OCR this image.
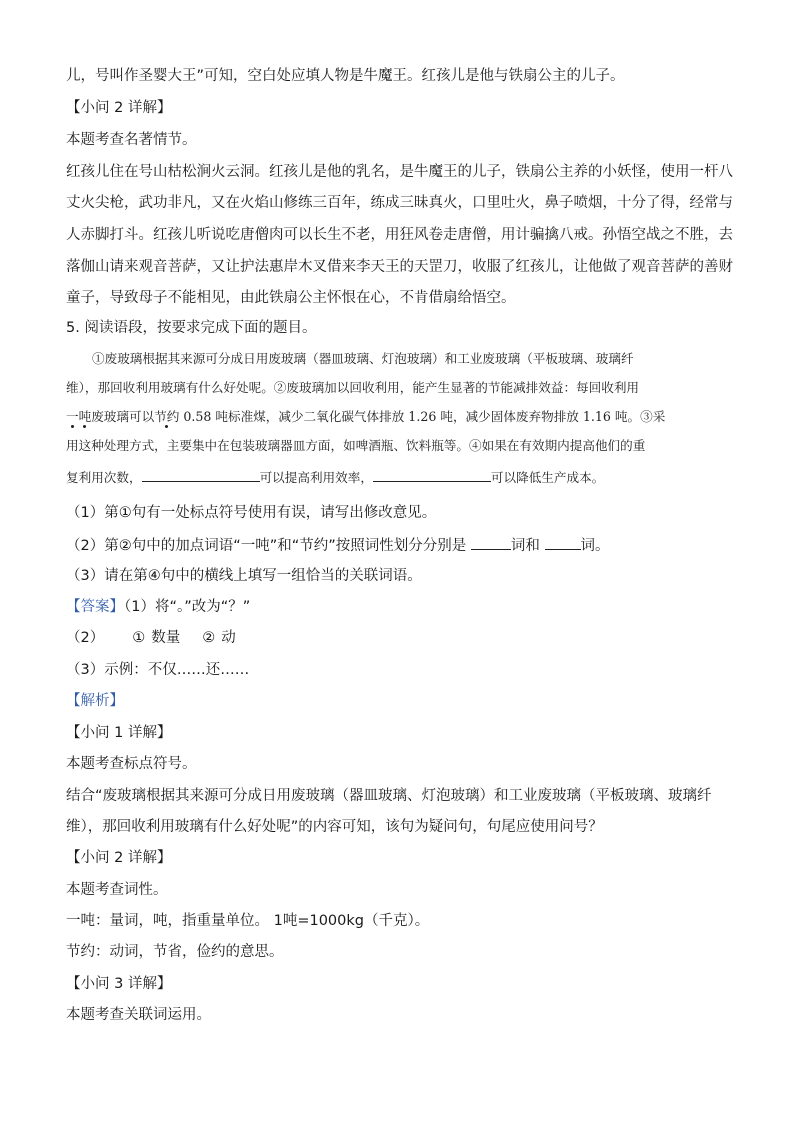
儿，号叫作圣婴大王”可知，空白处应填人物是牛魔王。红孩儿是他与铁扇公主的儿子。
【小问 2 详解】
本题考查名著情节。
红孩儿住在号山枯松涧火云洞。红孩儿是他的乳名，是牛魔王的儿子，铁扇公主养的小妖怪，使用一杆八
丈火尖枪，武功非凡，又在火焰山修练三百年，练成三昧真火，口里吐火，鼻子喷烟，十分了得，经常与
人赤脚打斗。红孩儿听说吃唐僧肉可以长生不老，用狂风卷走唐僧，用计骗擒八戒。孙悟空战之不胜，去
落伽山请来观音菩萨，又让护法惠岸木叉借来李天王的天罡刀，收服了红孩儿，让他做了观音菩萨的善财
童子，导致母子不能相见，由此铁扇公主怀恨在心，不肯借扇给悟空。
5. 阅读语段，按要求完成下面的题目。
①废玻璃根据其来源可分成日用废玻璃（器皿玻璃、灯泡玻璃）和工业废玻璃（平板玻璃、玻璃纤
维），那回收利用玻璃有什么好处呢。②废玻璃加以回收利用，能产生显著的节能减排效益：每回收利用
一吨废玻璃可以节约 0.58 吨标准煤，减少二氧化碳气体排放 1.26 吨，减少固体废弃物排放 1.16 吨。③采
用这种处理方式，主要集中在包装玻璃器皿方面，如啤酒瓶、饮料瓶等。④如果在有效期内提高他们的重
复利用次数，	可以提高利用效率，	可以降低生产成本。
（1）第①句有一处标点符号使用有误，请写出修改意见。
（2）第②句中的加点词语“一吨”和“节约”按照词性划分分别是	词和 词。
（3）请在第④句中的横线上填写一组恰当的关联词语。
【答案】（1）将“。”改为“？”
（2） ① 数量 ② 动
（3）示例：不仅……还……
【解析】
【小问 1 详解】
本题考查标点符号。
结合“废玻璃根据其来源可分成日用废玻璃（器皿玻璃、灯泡玻璃）和工业废玻璃（平板玻璃、玻璃纤
维），那回收利用玻璃有什么好处呢”的内容可知，该句为疑问句，句尾应使用问号？
【小问 2 详解】
本题考查词性。
一吨：量词，吨，指重量单位。 1吨=1000kg（千克）。
节约：动词，节省，俭约的意思。
【小问 3 详解】
本题考查关联词运用。
